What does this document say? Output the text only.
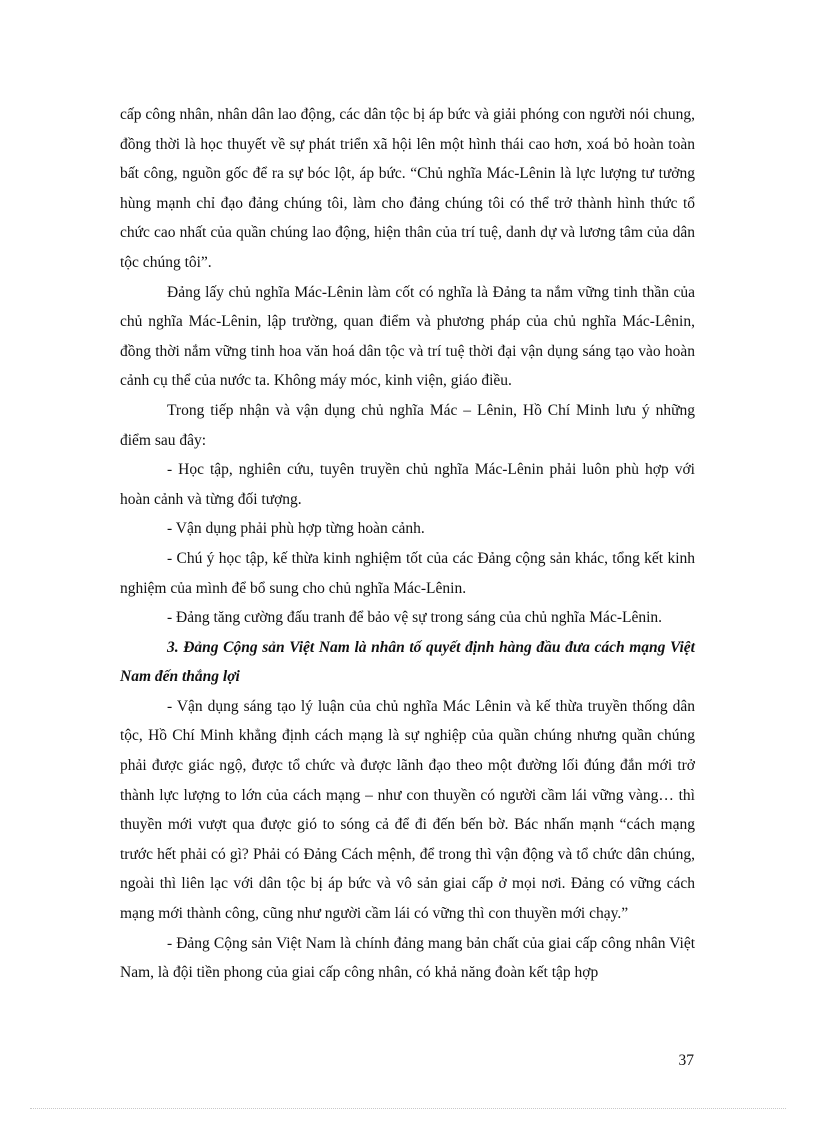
cấp công nhân, nhân dân lao động, các dân tộc bị áp bức và giải phóng con người nói chung, đồng thời là học thuyết về sự phát triển xã hội lên một hình thái cao hơn, xoá bỏ hoàn toàn bất công, nguồn gốc để ra sự bóc lột, áp bức. “Chủ nghĩa Mác-Lênin là lực lượng tư tưởng hùng mạnh chỉ đạo đảng chúng tôi, làm cho đảng chúng tôi có thể trở thành hình thức tổ chức cao nhất của quần chúng lao động, hiện thân của trí tuệ, danh dự và lương tâm của dân tộc chúng tôi”.

Đảng lấy chủ nghĩa Mác-Lênin làm cốt có nghĩa là Đảng ta nắm vững tinh thần của chủ nghĩa Mác-Lênin, lập trường, quan điểm và phương pháp của chủ nghĩa Mác-Lênin, đồng thời nắm vững tinh hoa văn hoá dân tộc và trí tuệ thời đại vận dụng sáng tạo vào hoàn cảnh cụ thể của nước ta. Không máy móc, kinh viện, giáo điều.

Trong tiếp nhận và vận dụng chủ nghĩa Mác – Lênin, Hồ Chí Minh lưu ý những điểm sau đây:

- Học tập, nghiên cứu, tuyên truyền chủ nghĩa Mác-Lênin phải luôn phù hợp với hoàn cảnh và từng đối tượng.

- Vận dụng phải phù hợp từng hoàn cảnh.

- Chú ý học tập, kế thừa kinh nghiệm tốt của các Đảng cộng sản khác, tổng kết kinh nghiệm của mình để bổ sung cho chủ nghĩa Mác-Lênin.

- Đảng tăng cường đấu tranh để bảo vệ sự trong sáng của chủ nghĩa Mác-Lênin.

3. Đảng Cộng sản Việt Nam là nhân tố quyết định hàng đầu đưa cách mạng Việt Nam đến thắng lợi

- Vận dụng sáng tạo lý luận của chủ nghĩa Mác Lênin và kế thừa truyền thống dân tộc, Hồ Chí Minh khẳng định cách mạng là sự nghiệp của quần chúng nhưng quần chúng phải được giác ngộ, được tổ chức và được lãnh đạo theo một đường lối đúng đắn mới trở thành lực lượng to lớn của cách mạng – như con thuyền có người cầm lái vững vàng… thì thuyền mới vượt qua được gió to sóng cả để đi đến bến bờ. Bác nhấn mạnh “cách mạng trước hết phải có gì? Phải có Đảng Cách mệnh, để trong thì vận động và tổ chức dân chúng, ngoài thì liên lạc với dân tộc bị áp bức và vô sản giai cấp ở mọi nơi. Đảng có vững cách mạng mới thành công, cũng như người cầm lái có vững thì con thuyền mới chạy.”

- Đảng Cộng sản Việt Nam là chính đảng mang bản chất của giai cấp công nhân Việt Nam, là đội tiền phong của giai cấp công nhân, có khả năng đoàn kết tập hợp

37
